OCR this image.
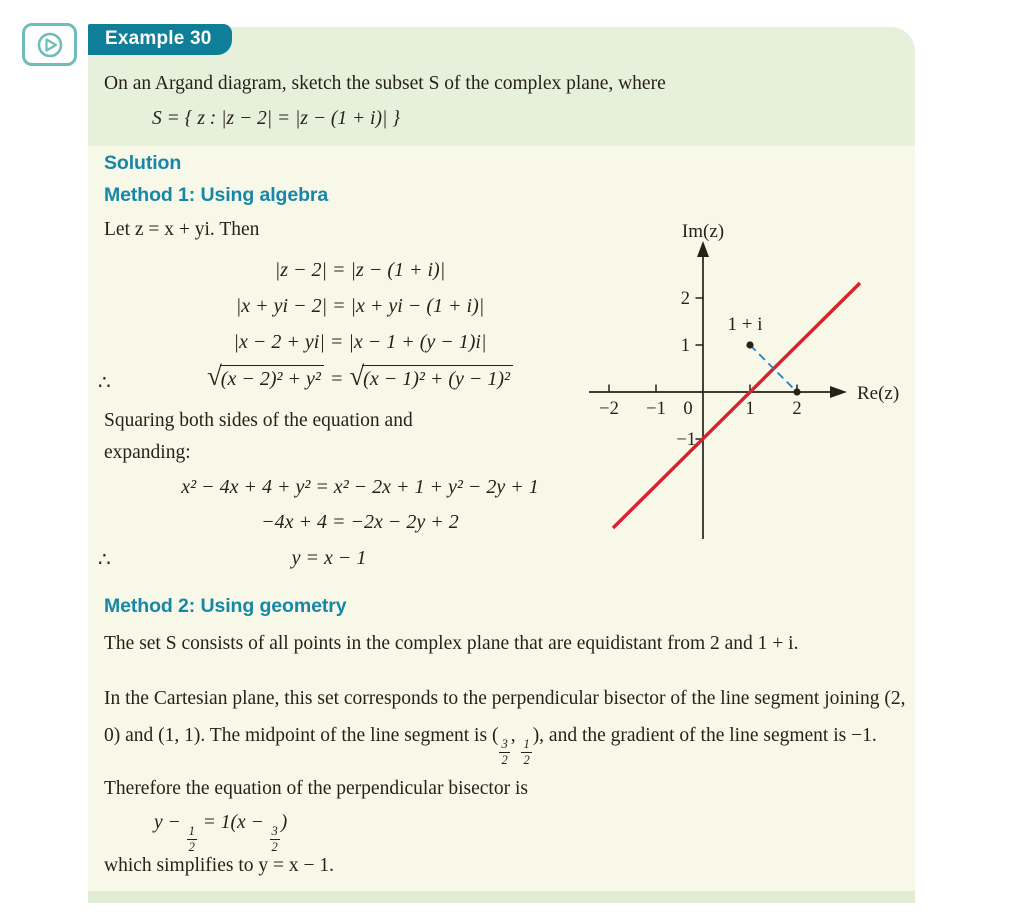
On an Argand diagram, sketch the subset S of the complex plane, where
S = { z : |z − 2| = |z − (1 + i)| }
Example 30
Solution
Method 1: Using algebra
Let z = x + yi. Then
|z − 2| = |z − (1 + i)|
|x + yi − 2| = |x + yi − (1 + i)|
|x − 2 + yi| = |x − 1 + (y − 1)i|
∴	√(x − 2)² + y² = √(x − 1)² + (y − 1)²
Squaring both sides of the equation and
expanding:
x² − 4x + 4 + y² = x² − 2x + 1 + y² − 2y + 1
−4x + 4 = −2x − 2y + 2
∴	y = x − 1
Im(z)
Re(z)
1 + i
−2 −1 0	1 2
2
1
−1
Method 2: Using geometry
The set S consists of all points in the complex plane that are equidistant from 2 and 1 + i.
In the Cartesian plane, this set corresponds to the perpendicular bisector of the line segment joining (2, 0) and (1, 1). The midpoint of the line segment is (
$\frac{3}{2}$
,
$\frac{1}{2}$
), and the gradient of the line segment is −1.
Therefore the equation of the perpendicular bisector is
y −
$\frac{1}{2}$
= 1(x −
$\frac{3}{2}$
)
which simplifies to y = x − 1.
